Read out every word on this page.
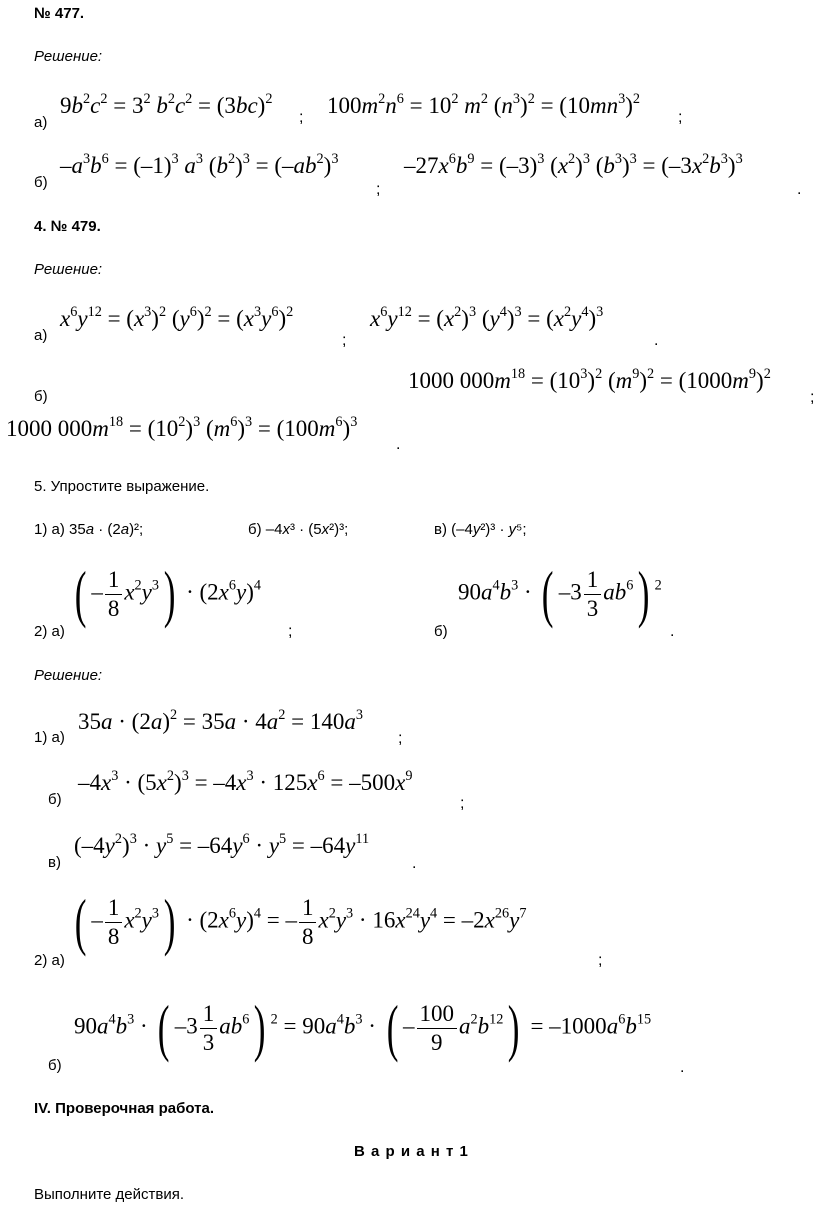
№ 477.
Решение:
а)
$9b^2c^2 = 3^2$ $b^2c^2 = (3bc)^2$
; $100m^2n^6 = 10^2$ $m^2$ $(n^3)^2 = (10mn^3)^2$
;
б)
$-a^3b^6 = (-1)^3$ $a^3$ $(b^2)^3 = (-ab^2)^3$
;
$-27x^6b^9 = (-3)^3$ $(x^2)^3$ $(b^3)^3 = (-3x^2b^3)^3$
.
4. № 479.
Решение:
а)
$x^6y^{12} = (x^3)^2$ $(y^6)^2 = (x^3y^6)^2$
;
$x^6y^{12} = (x^2)^3$ $(y^4)^3 = (x^2y^4)^3$
.
б)
1000 $000m^{18} = (10^3)^2$ $(m^9)^2 = (1000m^9)^2$
;
1000 $000m^{18} = (10^2)^3$ $(m^6)^3 = (100m^6)^3$
.
5. Упростите выражение.
1) а) 35a · (2a)²;	б) –4x³ · (5x²)³;	в) (–4y²)³ · y⁵;
2) а)
( – $\frac{1}{8} x^2y^3) \cdot (2x^6y)^4$
;	б)
$90a^4b^3$ · ( $-3 \frac{1}{3} ab^6$) $^2$
.
Решение:
1) а)
$35a \cdot (2a)^2 = 35a \cdot 4a^2 = 140a^3$
;
б)
$-4x^3 \cdot (5x^2)^3 = -4x^3 \cdot 125x^6 = -500x^9$
;
в)
$(-4y^2)^3 \cdot y^5 = -64y^6 \cdot y^5 = -64y^{11}$
.
2) а)
( – $\frac{1}{8} x^2y^3) \cdot (2x^6y)^4$ = – $\frac{1}{8} x^2y^3 \cdot 16x^{24}y^4 = -2x^{26}y^7$
;
б)
$90a^4b^3$ · ( $-3 \frac{1}{3} ab^6$) $^2 = 90a^4b^3$ · ( – $\frac{100}{9} a^2b^{12}) = -1000a^6b^{15}$
.
IV. Проверочная работа.
В а р и а н т 1
Выполните действия.
